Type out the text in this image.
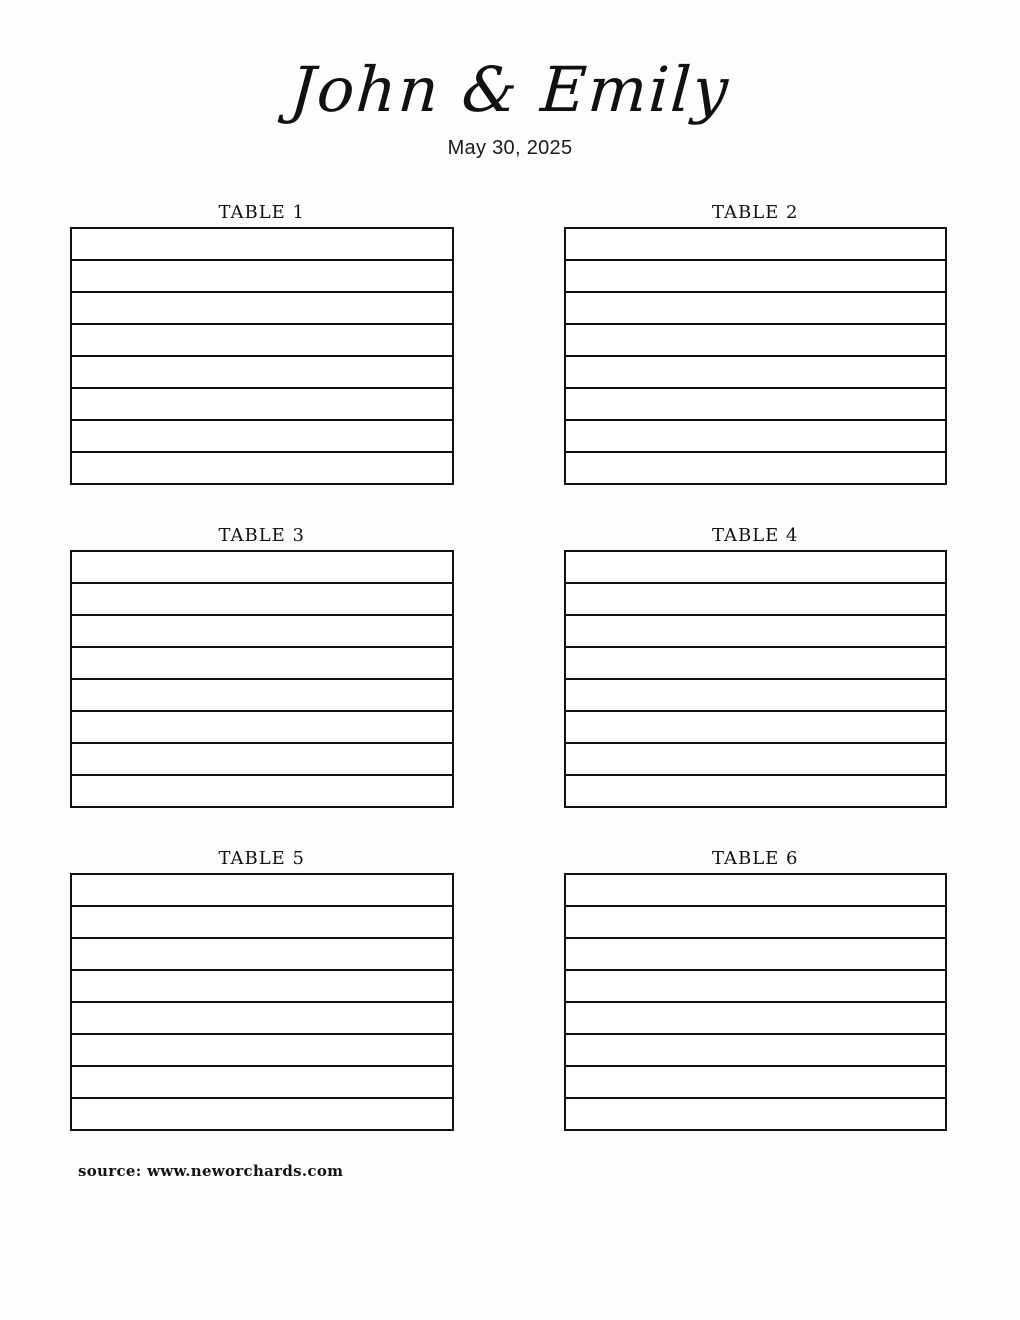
John & Emily
May 30, 2025
TABLE 1	TABLE 2
TABLE 3	TABLE 4
TABLE 5	TABLE 6
source: www.neworchards.com
